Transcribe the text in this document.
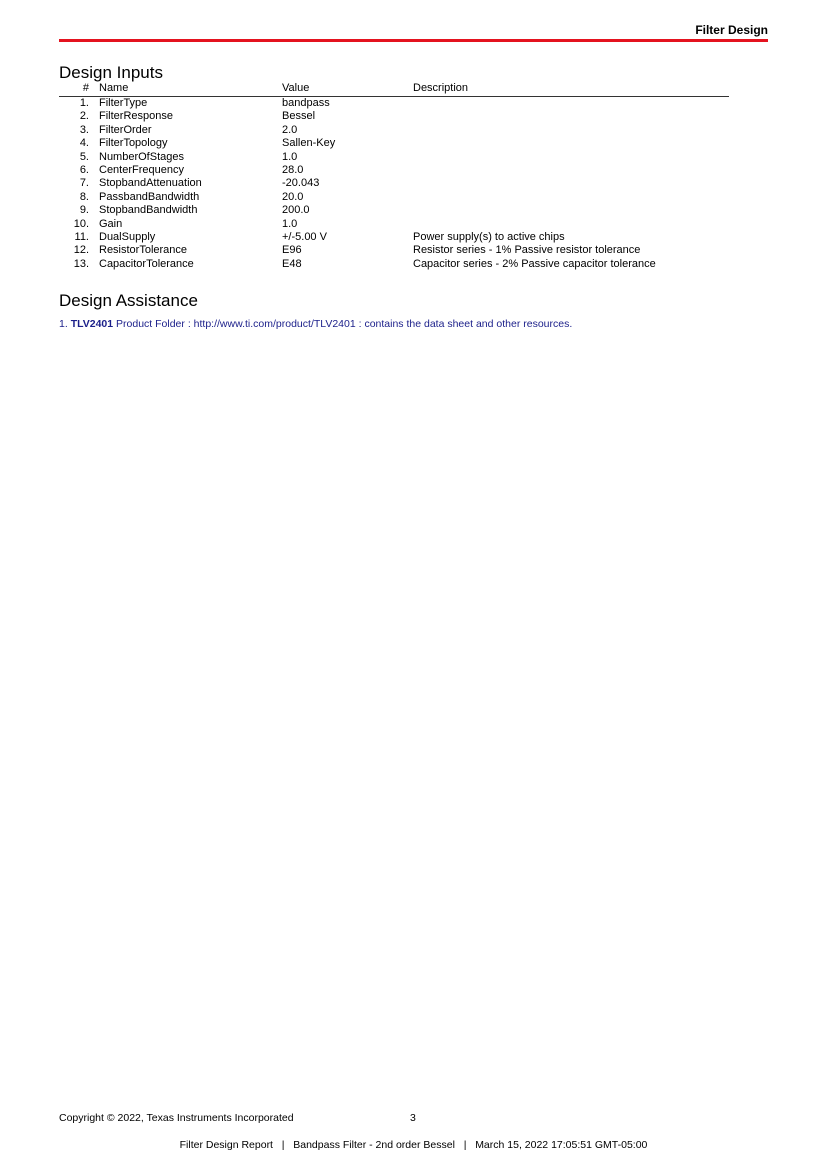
Filter Design
Design Inputs
#	Name	Value	Description
1.	FilterType	bandpass	
2.	FilterResponse	Bessel	
3.	FilterOrder	2.0	
4.	FilterTopology	Sallen-Key	
5.	NumberOfStages	1.0	
6.	CenterFrequency	28.0	
7.	StopbandAttenuation	-20.043	
8.	PassbandBandwidth	20.0	
9.	StopbandBandwidth	200.0	
10.	Gain	1.0	
11.	DualSupply	+/-5.00 V	Power supply(s) to active chips
12.	ResistorTolerance	E96	Resistor series - 1% Passive resistor tolerance
13.	CapacitorTolerance	E48	Capacitor series - 2% Passive capacitor tolerance
Design Assistance
1. TLV2401 Product Folder : http://www.ti.com/product/TLV2401 : contains the data sheet and other resources.
Copyright © 2022, Texas Instruments Incorporated	3
Filter Design Report | Bandpass Filter - 2nd order Bessel | March 15, 2022 17:05:51 GMT-05:00
